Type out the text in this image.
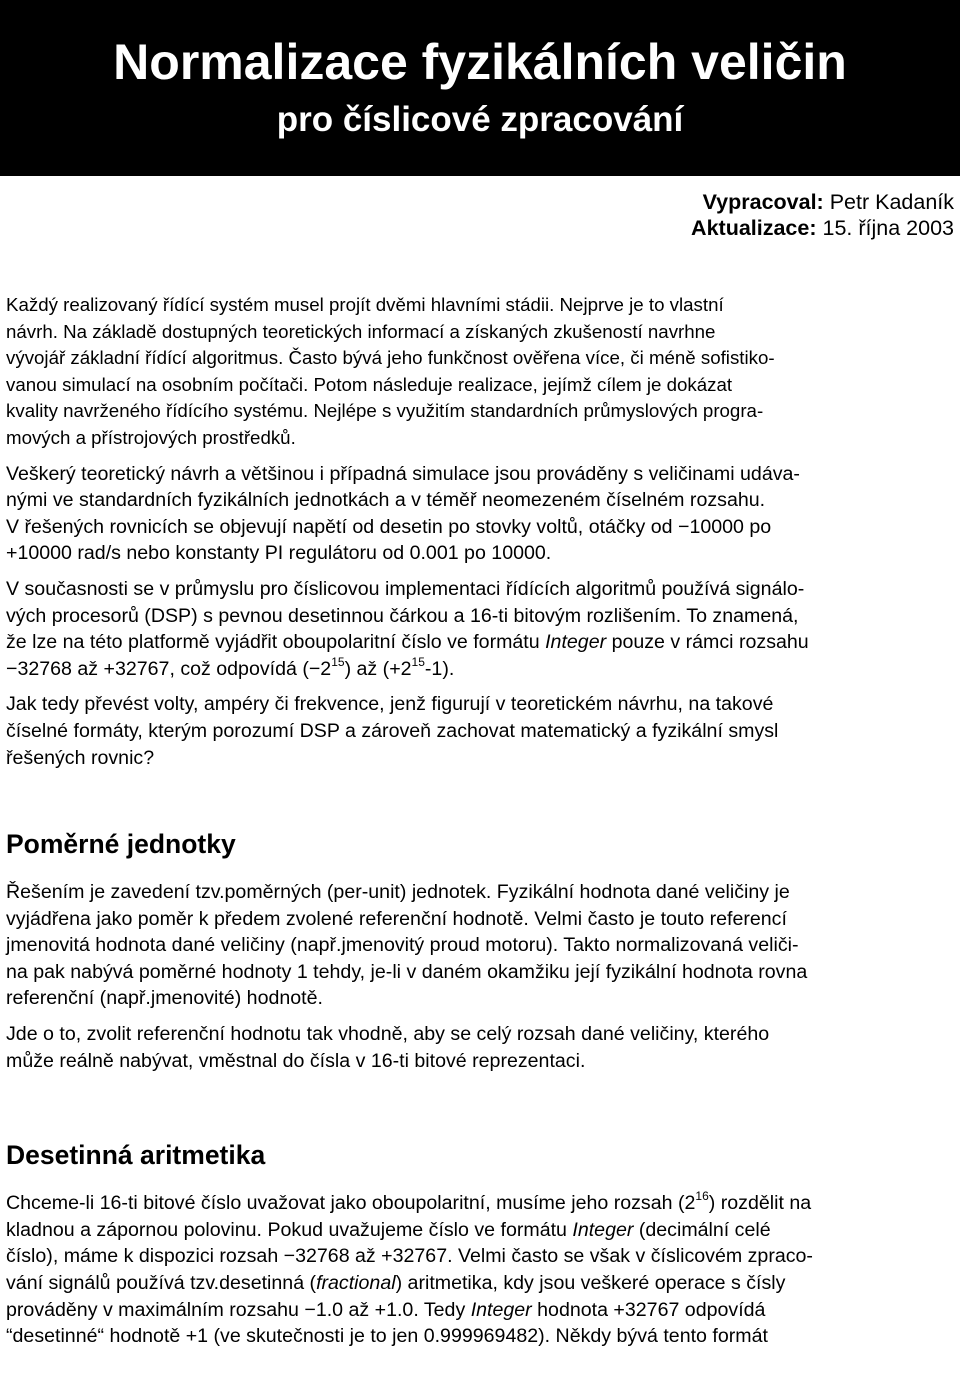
Normalizace fyzikálních veličin
pro číslicové zpracování
Vypracoval: Petr Kadaník
Aktualizace: 15. října 2003

Každý realizovaný řídící systém musel projít dvěmi hlavními stádii. Nejprve je to vlastní
návrh. Na základě dostupných teoretických informací a získaných zkušeností navrhne
vývojář základní řídící algoritmus. Často bývá jeho funkčnost ověřena více, či méně sofistiko-
vanou simulací na osobním počítači. Potom následuje realizace, jejímž cílem je dokázat
kvality navrženého řídícího systému. Nejlépe s využitím standardních průmyslových progra-
mových a přístrojových prostředků.

Veškerý teoretický návrh a většinou i případná simulace jsou prováděny s veličinami udáva-
nými ve standardních fyzikálních jednotkách a v téměř neomezeném číselném rozsahu.
V řešených rovnicích se objevují napětí od desetin po stovky voltů, otáčky od −10000 po
+10000 rad/s nebo konstanty PI regulátoru od 0.001 po 10000.

V současnosti se v průmyslu pro číslicovou implementaci řídících algoritmů používá signálo-
vých procesorů (DSP) s pevnou desetinnou čárkou a 16-ti bitovým rozlišením. To znamená,
že lze na této platformě vyjádřit oboupolaritní číslo ve formátu Integer pouze v rámci rozsahu
−32768 až +32767, což odpovídá $(-2^{15})$ až $(+2^{15}-1)$.

Jak tedy převést volty, ampéry či frekvence, jenž figurují v teoretickém návrhu, na takové
číselné formáty, kterým porozumí DSP a zároveň zachovat matematický a fyzikální smysl
řešených rovnic?

Poměrné jednotky

Řešením je zavedení tzv.poměrných (per-unit) jednotek. Fyzikální hodnota dané veličiny je
vyjádřena jako poměr k předem zvolené referenční hodnotě. Velmi často je touto referencí
jmenovitá hodnota dané veličiny (např.jmenovitý proud motoru). Takto normalizovaná veliči-
na pak nabývá poměrné hodnoty 1 tehdy, je-li v daném okamžiku její fyzikální hodnota rovna
referenční (např.jmenovité) hodnotě.

Jde o to, zvolit referenční hodnotu tak vhodně, aby se celý rozsah dané veličiny, kterého
může reálně nabývat, vměstnal do čísla v 16-ti bitové reprezentaci.

Desetinná aritmetika

Chceme-li 16-ti bitové číslo uvažovat jako oboupolaritní, musíme jeho rozsah $(2^{16})$ rozdělit na
kladnou a zápornou polovinu. Pokud uvažujeme číslo ve formátu Integer (decimální celé
číslo), máme k dispozici rozsah −32768 až +32767. Velmi často se však v číslicovém zpraco-
vání signálů používá tzv.desetinná (fractional) aritmetika, kdy jsou veškeré operace s čísly
prováděny v maximálním rozsahu −1.0 až +1.0. Tedy Integer hodnota +32767 odpovídá
“desetinné“ hodnotě +1 (ve skutečnosti je to jen 0.999969482). Někdy bývá tento formát
